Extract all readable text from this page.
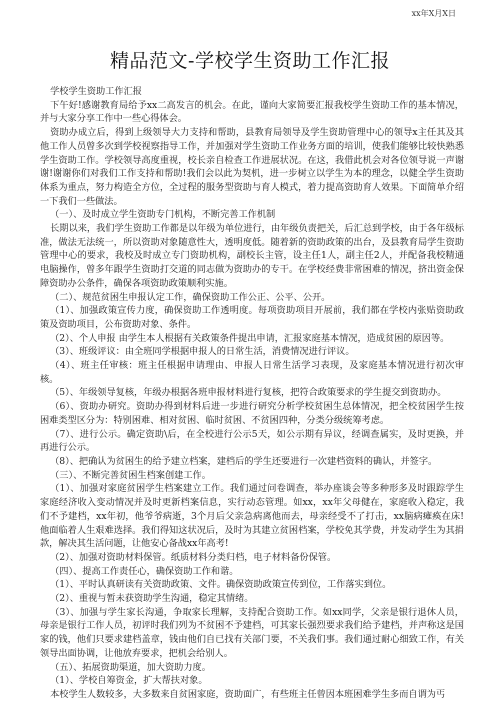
xx年X月X日
精品范文-学校学生资助工作汇报

学校学生资助工作汇报

下午好!感谢教育局给予xx二高发言的机会。在此，谨向大家简要汇报我校学生资助工作的基本情况，并与大家分享工作中一些心得体会。

资助办成立后，得到上级领导大力支持和帮助，县教育局领导及学生资助管理中心的领导x主任其及其他工作人员曾多次到学校视察指导工作，并加强对学生资助工作业务方面的培训，使我们能够比较快熟悉学生资助工作。学校领导高度重视，校长亲自检查工作进展状况。在这，我借此机会对各位领导说一声谢谢!谢谢你们对我们工作支持和帮助!我们会以此为契机，进一步树立以学生为本的理念，以健全学生资助体系为重点，努力构造全方位，全过程的服务型资助与育人模式，着力提高资助育人效果。下面简单介绍一下我们一些做法。

（一）、及时成立学生资助专门机构，不断完善工作机制

长期以来，我们学生资助工作都是以年级为单位进行，由年级负责把关，后汇总到学校，由于各年级标准，做法无法统一，所以资助对象随意性大，透明度低。随着新的资助政策的出台，及县教育局学生资助管理中心的要求，我校及时成立专门资助机构，副校长主管，设主任1人，副主任2人，并配备我校精通电脑操作，曾多年跟学生资助打交道的同志做为资助办的专干。在学校经费非常困难的情况，挤出资金保障资助办公条件，确保各项资助政策顺利实施。

（二）、规范贫困生申报认定工作，确保资助工作公正、公平、公开。

（1）、加强政策宣传力度，确保资助工作透明度。每项资助项目开展前，我们都在学校内张贴资助政策及资助项目，公布资助对象、条件。

（2）、个人申报 由学生本人根据有关政策条件提出申请，汇报家庭基本情况，造成贫困的原因等。

（3）、班级评议：由全班同学根据申报人的日常生活，消费情况进行评议。

（4）、班主任审核：班主任根据申请理由、申报人日常生活学习表现，及家庭基本情况进行初次审核。

（5）、年级领导复核，年级办根据各班申报材料进行复核，把符合政策要求的学生提交到资助办。

（6）、资助办研究。资助办得到材料后进一步进行研究分析学校贫困生总体情况，把全校贫困学生按困难类型区分为：特别困难、相对贫困、临时贫困、不贫困四种，分类分级统筹考虑。

（7）、进行公示。确定资助\后，在全校进行公示5天，如公示期有异议，经调查属实，及时更换，并再进行公示。

（8）、把确认为贫困生的给予建立档案，建档后的学生还要进行一次建档资料的确认，并签字。

（三）、不断完善贫困生档案创建工作。

（1）、加强对家庭贫困学生档案建立工作。我们通过问卷调查，举办座谈会等多种形多及时跟踪学生家庭经济收入变动情况并及时更新档案信息，实行动态管理。如xx，xx年父母健在，家庭收入稳定，我们不予建档，xx年初，他爷爷病逝，3个月后父亲急病离他而去，母亲经受不了打击，xx脑病瘫痪在床!他面临着人生艰难选择。我们得知这状况后，及时为其建立贫困档案，学校免其学费，并发动学生为其捐款，解决其生活问题，让他安心备战xx年高考!

（2）、加强对资助材料保管。纸质材料分类归档，电子材料备份保管。

（四）、提高工作责任心，确保资助工作和谐。

（1）、平时认真研读有关资助政策、文件。确保资助政策宣传到位，工作落实到位。

（2）、重视与暂未获资助学生沟通，稳定其情绪。

（3）、加强与学生家长沟通，争取家长理解，支持配合资助工作。如xx同学，父亲是银行退休人员，母亲是银行工作人员，初评时我们列为不贫困不予建档，可其家长强烈要求我们给予建档，并声称这是国家的钱，他们只要求建档盖章，钱由他们自已找有关部门要，不关我们事。我们通过耐心细致工作，有关领导出面协调，让他放弃要求，把机会给别人。

（五）、拓展资助渠道，加大资助力度。

（1）、学校自筹资金，扩大帮扶对象。

本校学生人数较多，大多数来自贫困家庭，资助面广，有些班主任曾因本班困难学生多而自谓为丐
